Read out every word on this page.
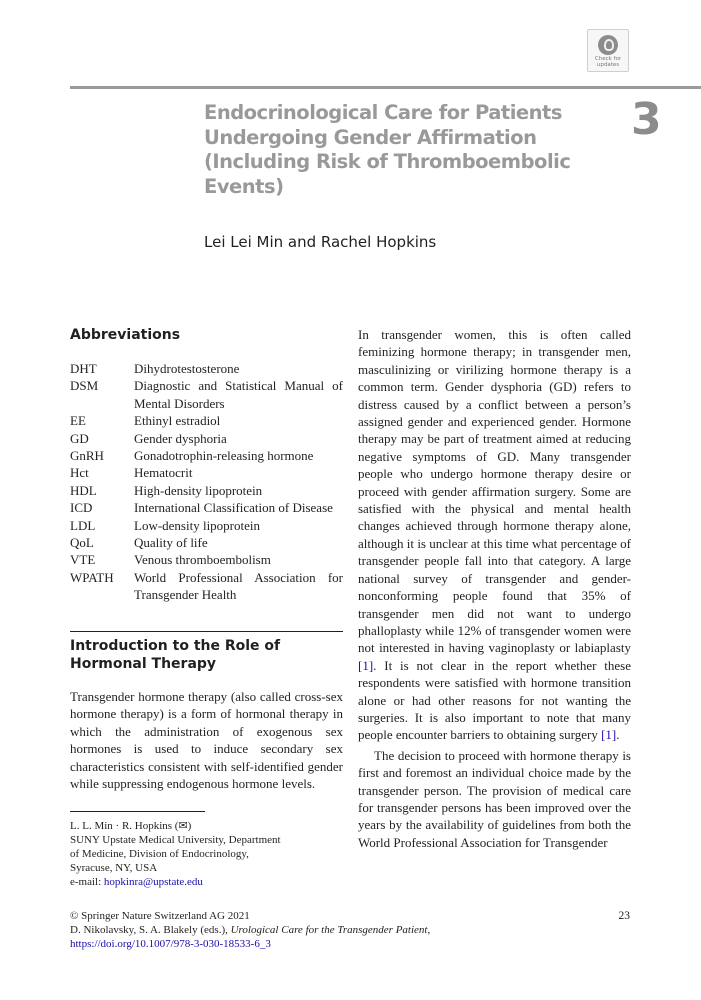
Check for
updates
Endocrinological Care for Patients Undergoing Gender Affirmation (Including Risk of Thromboembolic Events)
3
Lei Lei Min and Rachel Hopkins
Abbreviations
DHT	Dihydrotestosterone
DSM	Diagnostic and Statistical Manual of Mental Disorders
EE	Ethinyl estradiol
GD	Gender dysphoria
GnRH	Gonadotrophin-releasing hormone
Hct	Hematocrit
HDL	High-density lipoprotein
ICD	International Classification of Disease
LDL	Low-density lipoprotein
QoL	Quality of life
VTE	Venous thromboembolism
WPATH	World Professional Association for Transgender Health
Introduction to the Role of Hormonal Therapy

Transgender hormone therapy (also called cross-sex hormone therapy) is a form of hormonal therapy in which the administration of exogenous sex hormones is used to induce secondary sex characteristics consistent with self-identified gender while suppressing endogenous hormone levels.

L. L. Min · R. Hopkins (✉)
SUNY Upstate Medical University, Department
of Medicine, Division of Endocrinology,
Syracuse, NY, USA
e-mail: hopkinra@upstate.edu

In transgender women, this is often called feminizing hormone therapy; in transgender men, masculinizing or virilizing hormone therapy is a common term. Gender dysphoria (GD) refers to distress caused by a conflict between a person’s assigned gender and experienced gender. Hormone therapy may be part of treatment aimed at reducing negative symptoms of GD. Many transgender people who undergo hormone therapy desire or proceed with gender affirmation surgery. Some are satisfied with the physical and mental health changes achieved through hormone therapy alone, although it is unclear at this time what percentage of transgender people fall into that category. A large national survey of transgender and gender-nonconforming people found that 35% of transgender men did not want to undergo phalloplasty while 12% of transgender women were not interested in having vaginoplasty or labiaplasty [1]. It is not clear in the report whether these respondents were satisfied with hormone transition alone or had other reasons for not wanting the surgeries. It is also important to note that many people encounter barriers to obtaining surgery [1].

The decision to proceed with hormone therapy is first and foremost an individual choice made by the transgender person. The provision of medical care for transgender persons has been improved over the years by the availability of guidelines from both the World Professional Association for Transgender

© Springer Nature Switzerland AG 2021
D. Nikolavsky, S. A. Blakely (eds.), Urological Care for the Transgender Patient,
https://doi.org/10.1007/978-3-030-18533-6_3
23
